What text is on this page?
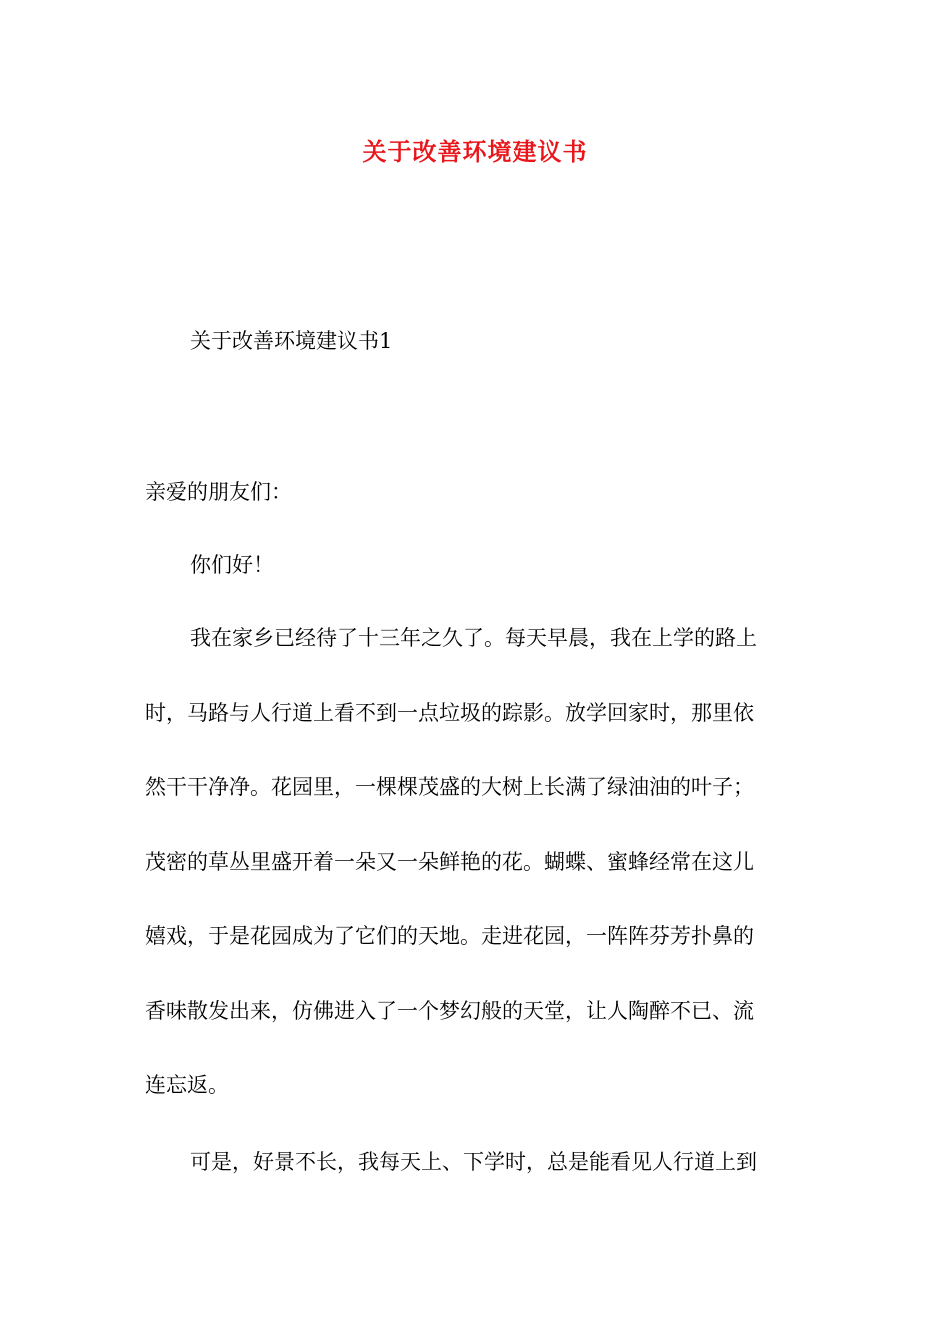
关于改善环境建议书

关于改善环境建议书1

亲爱的朋友们：

你们好！

我在家乡已经待了十三年之久了。每天早晨，我在上学的路上
时，马路与人行道上看不到一点垃圾的踪影。放学回家时，那里依
然干干净净。花园里，一棵棵茂盛的大树上长满了绿油油的叶子；
茂密的草丛里盛开着一朵又一朵鲜艳的花。蝴蝶、蜜蜂经常在这儿
嬉戏，于是花园成为了它们的天地。走进花园，一阵阵芬芳扑鼻的
香味散发出来，仿佛进入了一个梦幻般的天堂，让人陶醉不已、流
连忘返。
可是，好景不长，我每天上、下学时，总是能看见人行道上到
